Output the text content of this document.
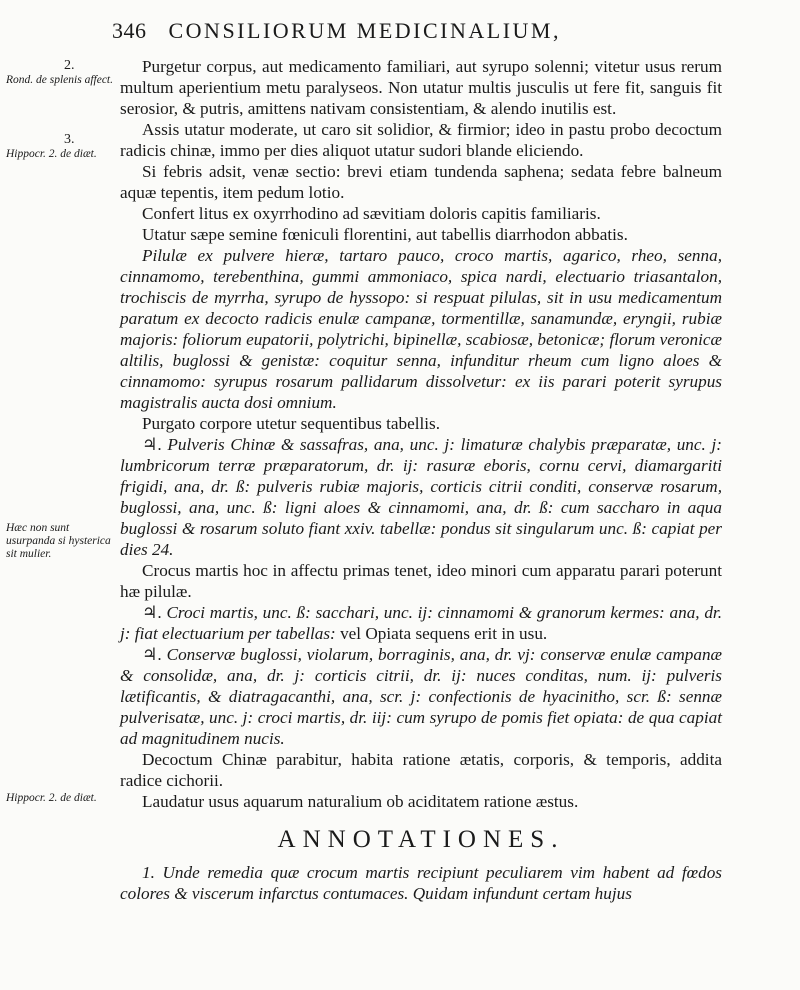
346 CONSILIORUM MEDICINALIUM,
2.
Rond. de splenis affect.
3.
Hippocr. 2. de diæt.
Hæc non sunt usurpanda si hysterica sit mulier.
Hippocr. 2. de diæt.

Purgetur corpus, aut medicamento familiari, aut syrupo solenni; vitetur usus rerum multum aperientium metu paralyseos. Non utatur multis jusculis ut fere fit, sanguis fit serosior, & putris, amittens nativam consistentiam, & alendo inutilis est.

Assis utatur moderate, ut caro sit solidior, & firmior; ideo in pastu probo decoctum radicis chinæ, immo per dies aliquot utatur sudori blande eliciendo.

Si febris adsit, venæ sectio: brevi etiam tundenda saphena; sedata febre balneum aquæ tepentis, item pedum lotio.

Confert litus ex oxyrrhodino ad sævitiam doloris capitis familiaris.

Utatur sæpe semine fœniculi florentini, aut tabellis diarrhodon abbatis.

Pilulæ ex pulvere hieræ, tartaro pauco, croco martis, agarico, rheo, senna, cinnamomo, terebenthina, gummi ammoniaco, spica nardi, electuario triasantalon, trochiscis de myrrha, syrupo de hyssopo: si respuat pilulas, sit in usu medicamentum paratum ex decocto radicis enulæ campanæ, tormentillæ, sanamundæ, eryngii, rubiæ majoris: foliorum eupatorii, polytrichi, bipinellæ, scabiosæ, betonicæ; florum veronicæ altilis, buglossi & genistæ: coquitur senna, infunditur rheum cum ligno aloes & cinnamomo: syrupus rosarum pallidarum dissolvetur: ex iis parari poterit syrupus magistralis aucta dosi omnium.

Purgato corpore utetur sequentibus tabellis.

♃. Pulveris Chinæ & sassafras, ana, unc. j: limaturæ chalybis præparatæ, unc. j: lumbricorum terræ præparatorum, dr. ij: rasuræ eboris, cornu cervi, diamargariti frigidi, ana, dr. ß: pulveris rubiæ majoris, corticis citrii conditi, conservæ rosarum, buglossi, ana, unc. ß: ligni aloes & cinnamomi, ana, dr. ß: cum saccharo in aqua buglossi & rosarum soluto fiant xxiv. tabellæ: pondus sit singularum unc. ß: capiat per dies 24.

Crocus martis hoc in affectu primas tenet, ideo minori cum apparatu parari poterunt hæ pilulæ.

♃. Croci martis, unc. ß: sacchari, unc. ij: cinnamomi & granorum kermes: ana, dr. j: fiat electuarium per tabellas: vel Opiata sequens erit in usu.

♃. Conservæ buglossi, violarum, borraginis, ana, dr. vj: conservæ enulæ campanæ & consolidæ, ana, dr. j: corticis citrii, dr. ij: nuces conditas, num. ij: pulveris lætificantis, & diatragacanthi, ana, scr. j: confectionis de hyacinitho, scr. ß: sennæ pulverisatæ, unc. j: croci martis, dr. iij: cum syrupo de pomis fiet opiata: de qua capiat ad magnitudinem nucis.

Decoctum Chinæ parabitur, habita ratione ætatis, corporis, & temporis, addita radice cichorii.

Laudatur usus aquarum naturalium ob aciditatem ratione æstus.

ANNOTATIONES.

1. Unde remedia quæ crocum martis recipiunt peculiarem vim habent ad fœdos colores & viscerum infarctus contumaces. Quidam infundunt certam hujus
